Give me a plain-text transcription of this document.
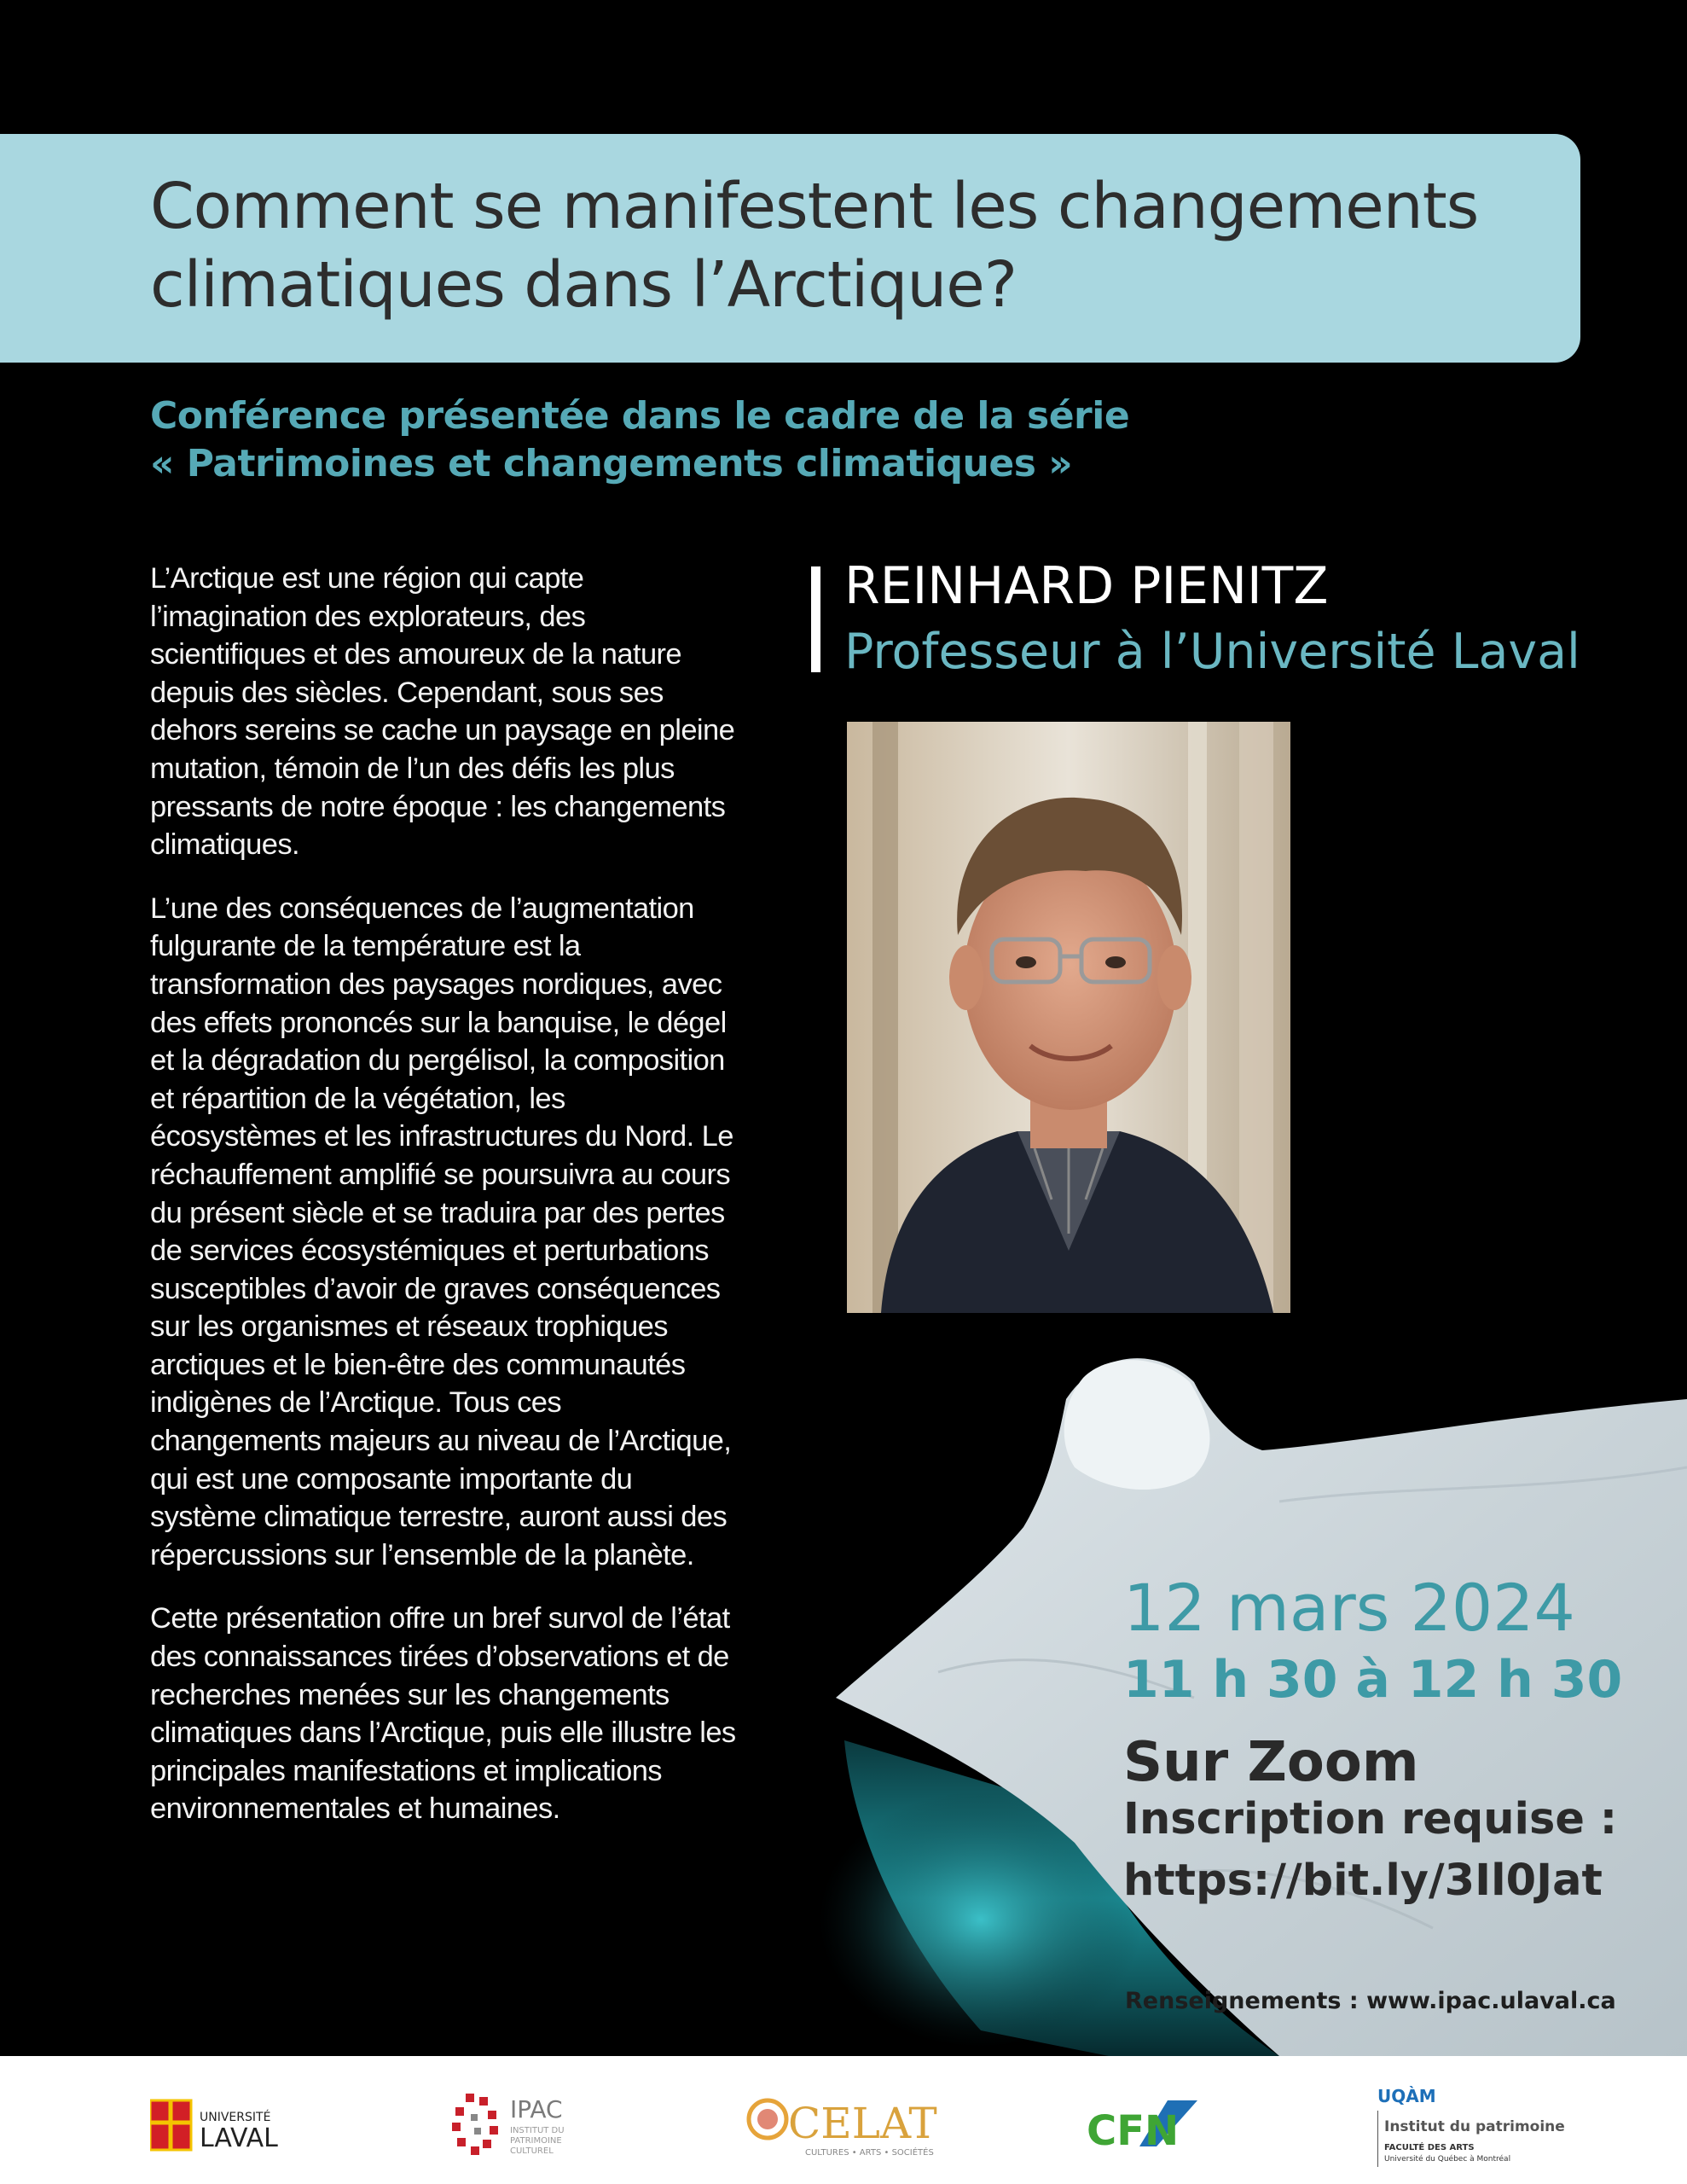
Comment se manifestent les changements
climatiques dans l’Arctique?
Conférence présentée dans le cadre de la série
« Patrimoines et changements climatiques »

L’Arctique est une région qui capte l’imagination des explorateurs, des scientifiques et des amoureux de la nature depuis des siècles. Cependant, sous ses dehors sereins se cache un paysage en pleine mutation, témoin de l’un des défis les plus pressants de notre époque : les changements climatiques.

L’une des conséquences de l’augmentation fulgurante de la température est la transformation des paysages nordiques, avec des effets prononcés sur la banquise, le dégel et la dégradation du pergélisol, la composition et répartition de la végétation, les écosystèmes et les infrastructures du Nord. Le réchauffement amplifié se poursuivra au cours du présent siècle et se traduira par des pertes de services écosystémiques et perturbations susceptibles d’avoir de graves conséquences sur les organismes et réseaux trophiques arctiques et le bien-être des communautés indigènes de l’Arctique. Tous ces changements majeurs au niveau de l’Arctique, qui est une composante importante du système climatique terrestre, auront aussi des répercussions sur l’ensemble de la planète.

Cette présentation offre un bref survol de l’état des connaissances tirées d’observations et de recherches menées sur les changements climatiques dans l’Arctique, puis elle illustre les principales manifestations et implications environnementales et humaines.

REINHARD PIENITZ
Professeur à l’Université Laval
12 mars 2024
11 h 30 à 12 h 30
Sur Zoom
Inscription requise :
https://bit.ly/3Il0Jat
Renseignements : www.ipac.ulaval.ca
UNIVERSITÉ
LAVAL
IPAC
INSTITUT DU
PATRIMOINE
CULTUREL
CELAT
CULTURES • ARTS • SOCIÉTÉS	CFN
UQÀM
Institut du patrimoine
FACULTÉ DES ARTS
Université du Québec à Montréal
